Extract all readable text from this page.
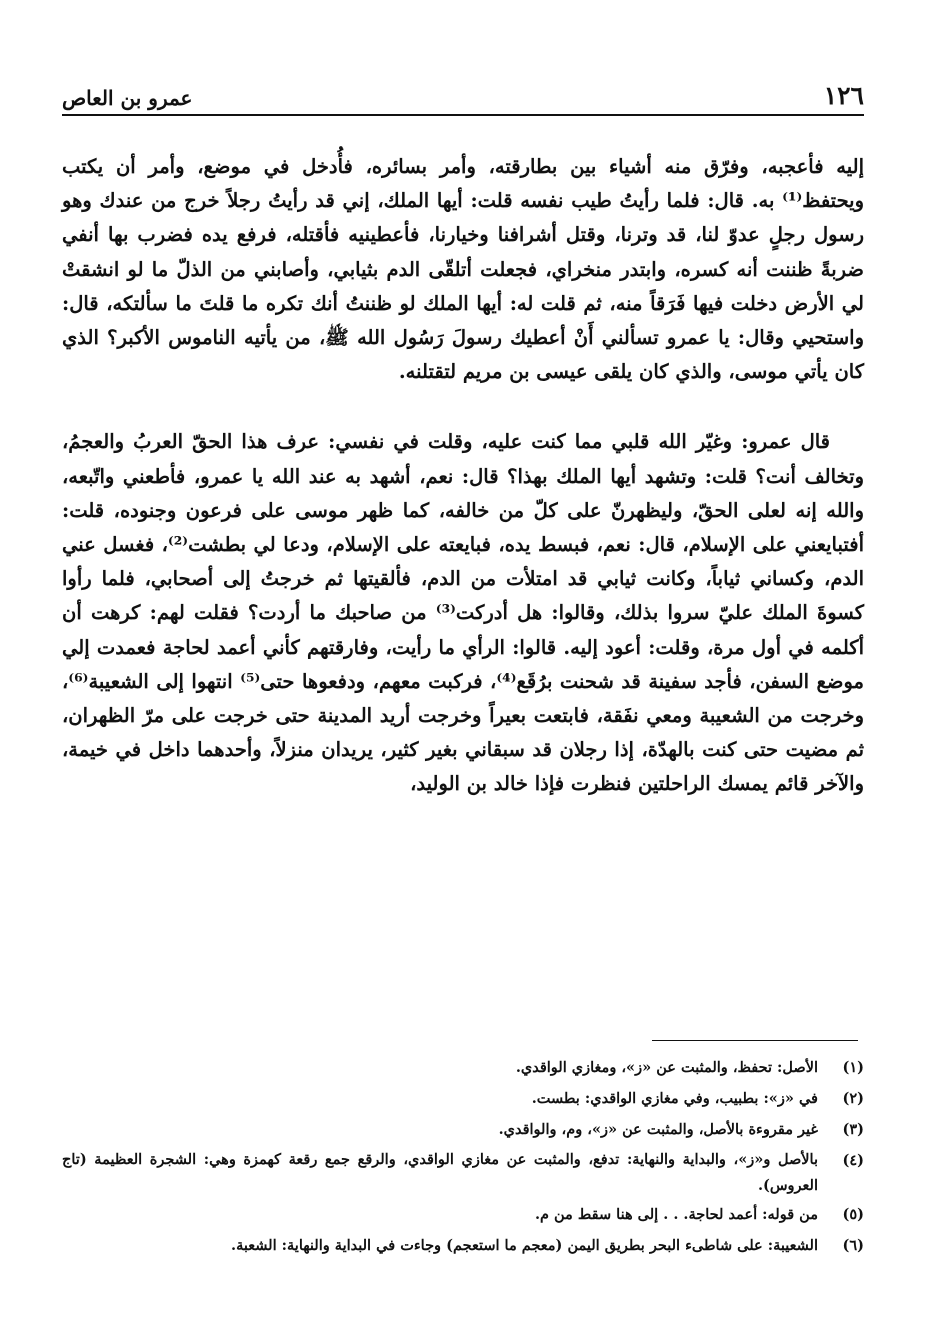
١٢٦
عمرو بن العاص

إليه فأعجبه، وفرّق منه أشياء بين بطارقته، وأمر بسائره، فأُدخل في موضع، وأمر أن يكتب ويحتفظ⁽¹⁾ به. قال: فلما رأيتُ طيب نفسه قلت: أيها الملك، إني قد رأيتُ رجلاً خرج من عندك وهو رسول رجلٍ عدوّ لنا، قد وترنا، وقتل أشرافنا وخيارنا، فأعطينيه فأقتله، فرفع يده فضرب بها أنفي ضربةً ظننت أنه كسره، وابتدر منخراي، فجعلت أتلقّى الدم بثيابي، وأصابني من الذلّ ما لو انشقتْ لي الأرض دخلت فيها فَرَقاً منه، ثم قلت له: أيها الملك لو ظننتُ أنك تكره ما قلتَ ما سألتكه، قال: واستحيي وقال: يا عمرو تسألني أَنْ أعطيك رسولَ رَسُول الله ﷺ، من يأتيه الناموس الأكبر؟ الذي كان يأتي موسى، والذي كان يلقى عيسى بن مريم لتقتلنه.

قال عمرو: وغيّر الله قلبي مما كنت عليه، وقلت في نفسي: عرف هذا الحقّ العربُ والعجمُ، وتخالف أنت؟ قلت: وتشهد أيها الملك بهذا؟ قال: نعم، أشهد به عند الله يا عمرو، فأطعني واتّبعه، والله إنه لعلى الحقّ، وليظهرنّ على كلّ من خالفه، كما ظهر موسى على فرعون وجنوده، قلت: أفتبايعني على الإسلام، قال: نعم، فبسط يده، فبايعته على الإسلام، ودعا لي بطشت⁽²⁾، فغسل عني الدم، وكساني ثياباً، وكانت ثيابي قد امتلأت من الدم، فألقيتها ثم خرجتُ إلى أصحابي، فلما رأوا كسوةَ الملك عليّ سروا بذلك، وقالوا: هل أدركت⁽³⁾ من صاحبك ما أردت؟ فقلت لهم: كرهت أن أكلمه في أول مرة، وقلت: أعود إليه. قالوا: الرأي ما رأيت، وفارقتهم كأني أعمد لحاجة فعمدت إلي موضع السفن، فأجد سفينة قد شحنت برُقَع⁽⁴⁾، فركبت معهم، ودفعوها حتى⁽⁵⁾ انتهوا إلى الشعيبة⁽⁶⁾، وخرجت من الشعيبة ومعي نفَقة، فابتعت بعيراً وخرجت أريد المدينة حتى خرجت على مرّ الظهران، ثم مضيت حتى كنت بالهدّة، إذا رجلان قد سبقاني بغير كثير، يريدان منزلاً، وأحدهما داخل في خيمة، والآخر قائم يمسك الراحلتين فنظرت فإذا خالد بن الوليد،

(١)
الأصل: تحفظ، والمثبت عن «ز»، ومغازي الواقدي.
(٢)
في «ز»: بطبيب، وفي مغازي الواقدي: بطست.
(٣)
غير مقروءة بالأصل، والمثبت عن «ز»، وم، والواقدي.
(٤)
بالأصل و«ز»، والبداية والنهاية: تدفع، والمثبت عن مغازي الواقدي، والرقع جمع رقعة كهمزة وهي: الشجرة العظيمة (تاج العروس).
(٥)
من قوله: أعمد لحاجة. . . إلى هنا سقط من م.
(٦)
الشعيبة: على شاطىء البحر بطريق اليمن (معجم ما استعجم) وجاءت في البداية والنهاية: الشعبة.
